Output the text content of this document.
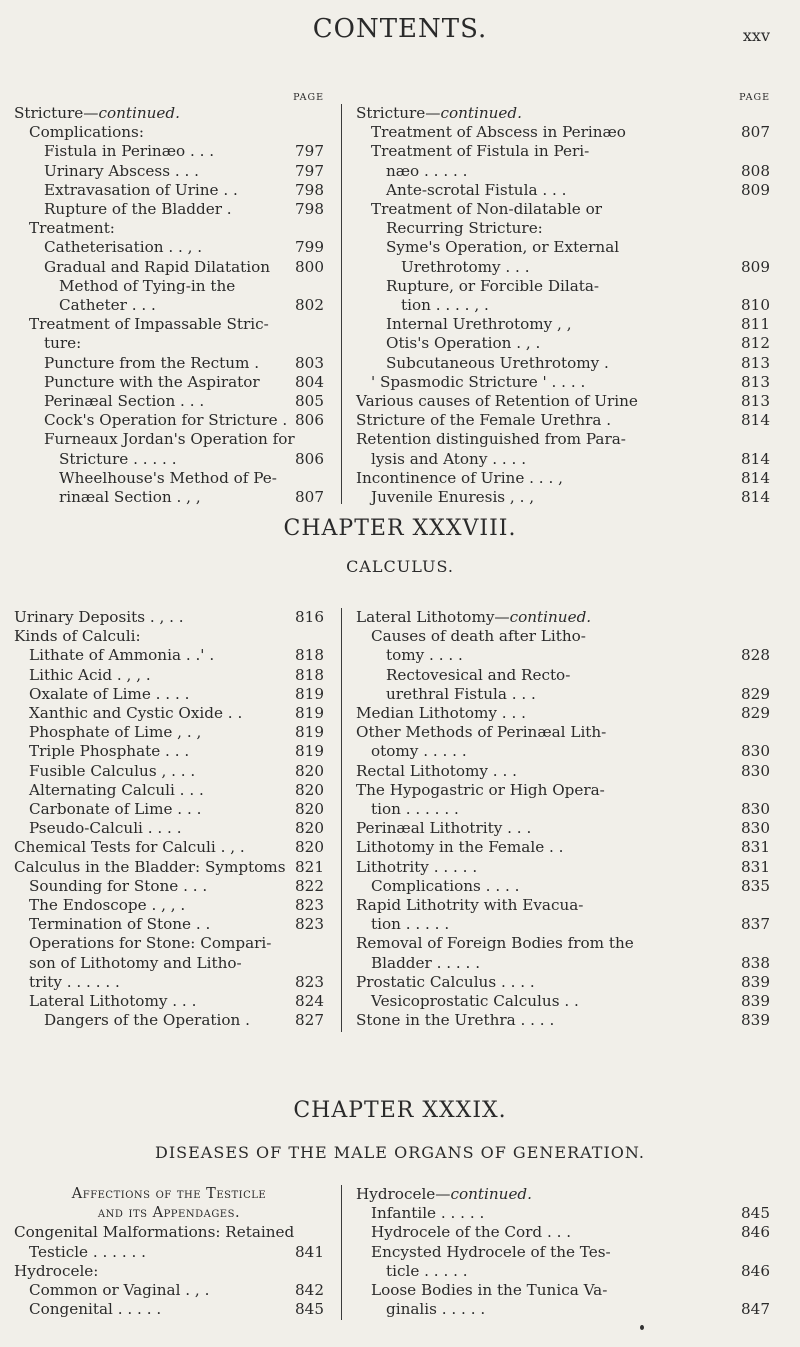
CONTENTS.	xxv
PAGE
Stricture—continued.
Complications:
Fistula in Perinæo . . .	797
Urinary Abscess . . .	797
Extravasation of Urine . .	798
Rupture of the Bladder .	798
Treatment:
Catheterisation . . , .	799
Gradual and Rapid Dilatation	800
Method of Tying-in the
Catheter . . .	802
Treatment of Impassable Stric-
ture:
Puncture from the Rectum .	803
Puncture with the Aspirator	804
Perinæal Section . . .	805
Cock's Operation for Stricture . 806
Furneaux Jordan's Operation for
Stricture . . . . .	806
Wheelhouse's Method of Pe-
rinæal Section . , ,	807
PAGE
Stricture—continued.
Treatment of Abscess in Perinæo	807
Treatment of Fistula in Peri-
næo . . . . .	808
Ante-scrotal Fistula . . .	809
Treatment of Non-dilatable or
Recurring Stricture:
Syme's Operation, or External
Urethrotomy . . .	809
Rupture, or Forcible Dilata-
tion . . . . , .	810
Internal Urethrotomy , ,	811
Otis's Operation . , .	812
Subcutaneous Urethrotomy .	813
' Spasmodic Stricture ' . . . .	813
Various causes of Retention of Urine	813
Stricture of the Female Urethra .	814
Retention distinguished from Para-
lysis and Atony . . . .	814
Incontinence of Urine . . . ,	814
Juvenile Enuresis , . ,	814
CHAPTER XXXVIII.
CALCULUS.
Urinary Deposits . , . .	816
Kinds of Calculi:
Lithate of Ammonia . .' .	818
Lithic Acid . , , .	818
Oxalate of Lime . . . .	819
Xanthic and Cystic Oxide . .	819
Phosphate of Lime , . ,	819
Triple Phosphate . . .	819
Fusible Calculus , . . .	820
Alternating Calculi . . .	820
Carbonate of Lime . . .	820
Pseudo-Calculi . . . .	820
Chemical Tests for Calculi . , .	820
Calculus in the Bladder: Symptoms 821
Sounding for Stone . . .	822
The Endoscope . , , .	823
Termination of Stone . .	823
Operations for Stone: Compari-
son of Lithotomy and Litho-
trity . . . . . .	823
Lateral Lithotomy . . .	824
Dangers of the Operation .	827
Lateral Lithotomy—continued.
Causes of death after Litho-
tomy . . . .	828
Rectovesical and Recto-
urethral Fistula . . .	829
Median Lithotomy . . .	829
Other Methods of Perinæal Lith-
otomy . . . . .	830
Rectal Lithotomy . . .	830
The Hypogastric or High Opera-
tion . . . . . .	830
Perinæal Lithotrity . . .	830
Lithotomy in the Female . .	831
Lithotrity . . . . .	831
Complications . . . .	835
Rapid Lithotrity with Evacua-
tion . . . . .	837
Removal of Foreign Bodies from the
Bladder . . . . .	838
Prostatic Calculus . . . .	839
Vesicoprostatic Calculus . .	839
Stone in the Urethra . . . .	839
CHAPTER XXXIX.
DISEASES OF THE MALE ORGANS OF GENERATION.
Affections of the Testicle
and its Appendages.
Congenital Malformations: Retained
Testicle . . . . . .	841
Hydrocele:
Common or Vaginal . , .	842
Congenital . . . . .	845
Hydrocele—continued.
Infantile . . . . .	845
Hydrocele of the Cord . . .	846
Encysted Hydrocele of the Tes-
ticle . . . . .	846
Loose Bodies in the Tunica Va-
ginalis . . . . .	847
